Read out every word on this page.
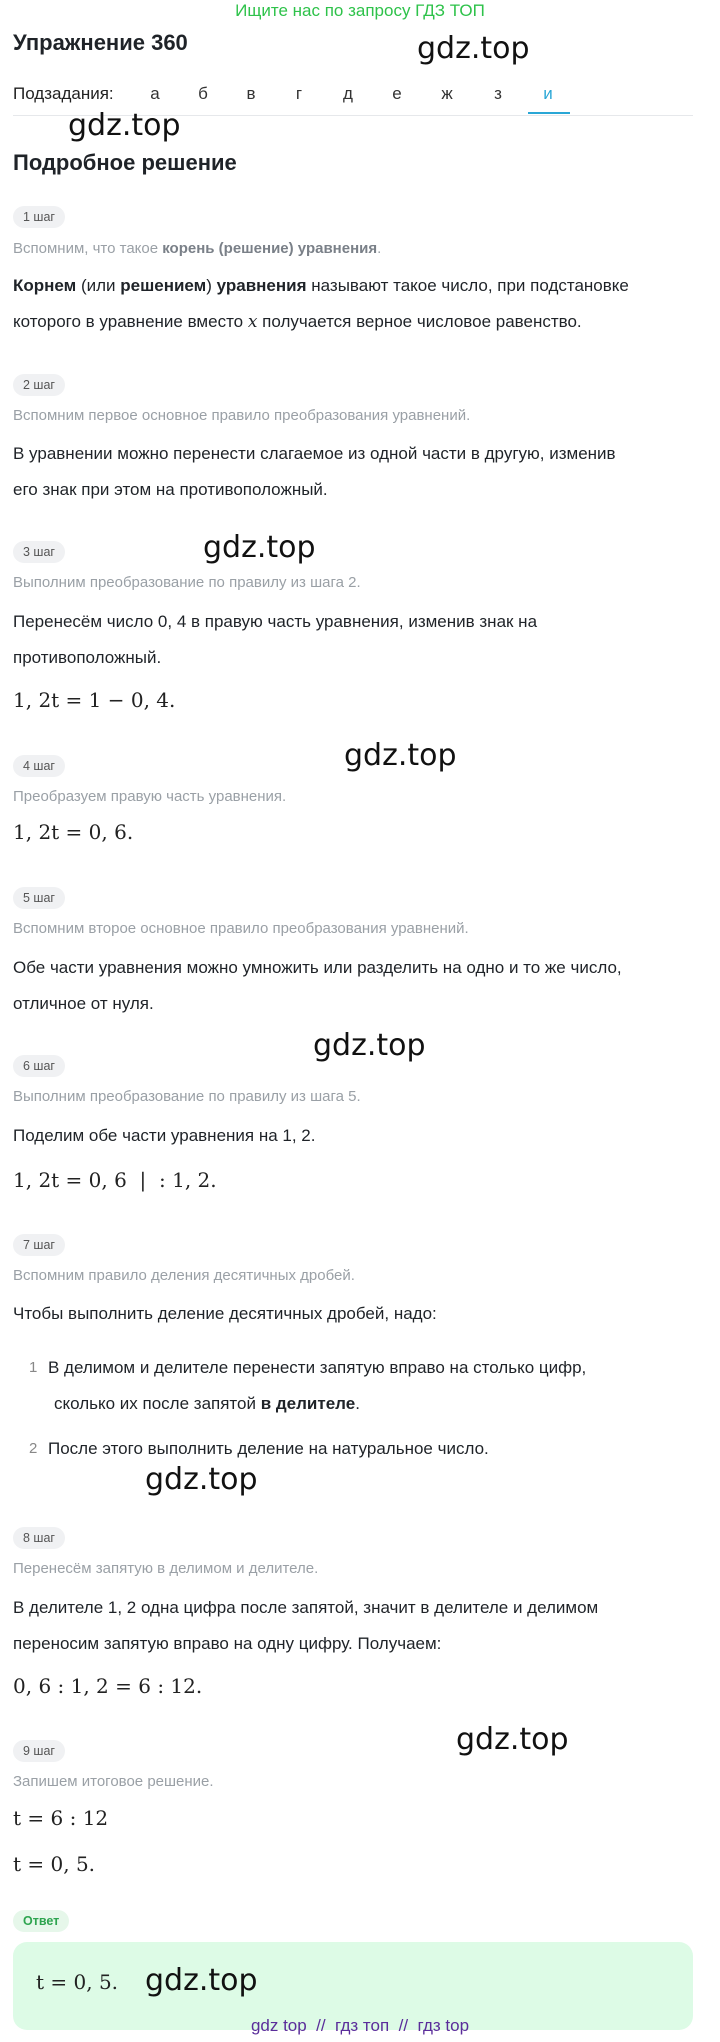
Ищите нас по запросу ГДЗ ТОП
Упражнение 360
Подзадания:	а	б	в	г	д	е	ж	з	и
gdz.top
gdz.top
gdz.top
gdz.top
gdz.top
gdz.top
gdz.top
gdz.top
Подробное решение
1 шаг
Вспомним, что такое корень (решение) уравнения.
Корнем (или решением) уравнения называют такое число, при подстановке
которого в уравнение вместо x получается верное числовое равенство.
2 шаг
Вспомним первое основное правило преобразования уравнений.
В уравнении можно перенести слагаемое из одной части в другую, изменив
его знак при этом на противоположный.
3 шаг
Выполним преобразование по правилу из шага 2.
Перенесём число 0, 4 в правую часть уравнения, изменив знак на
противоположный.
1, 2t = 1 − 0, 4.
4 шаг
Преобразуем правую часть уравнения.
1, 2t = 0, 6.
5 шаг
Вспомним второе основное правило преобразования уравнений.
Обе части уравнения можно умножить или разделить на одно и то же число,
отличное от нуля.
6 шаг
Выполним преобразование по правилу из шага 5.
Поделим обе части уравнения на 1, 2.
1, 2t = 0, 6  |  : 1, 2.
7 шаг
Вспомним правило деления десятичных дробей.
Чтобы выполнить деление десятичных дробей, надо:
1 В делимом и делителе перенести запятую вправо на столько цифр,
сколько их после запятой в делителе.
2 После этого выполнить деление на натуральное число.
8 шаг
Перенесём запятую в делимом и делителе.
В делителе 1, 2 одна цифра после запятой, значит в делителе и делимом
переносим запятую вправо на одну цифру. Получаем:
0, 6 : 1, 2 = 6 : 12.
9 шаг
Запишем итоговое решение.
t = 6 : 12
t = 0, 5.
Ответ
t = 0, 5.
gdz top  //  гдз топ  //  гдз top
